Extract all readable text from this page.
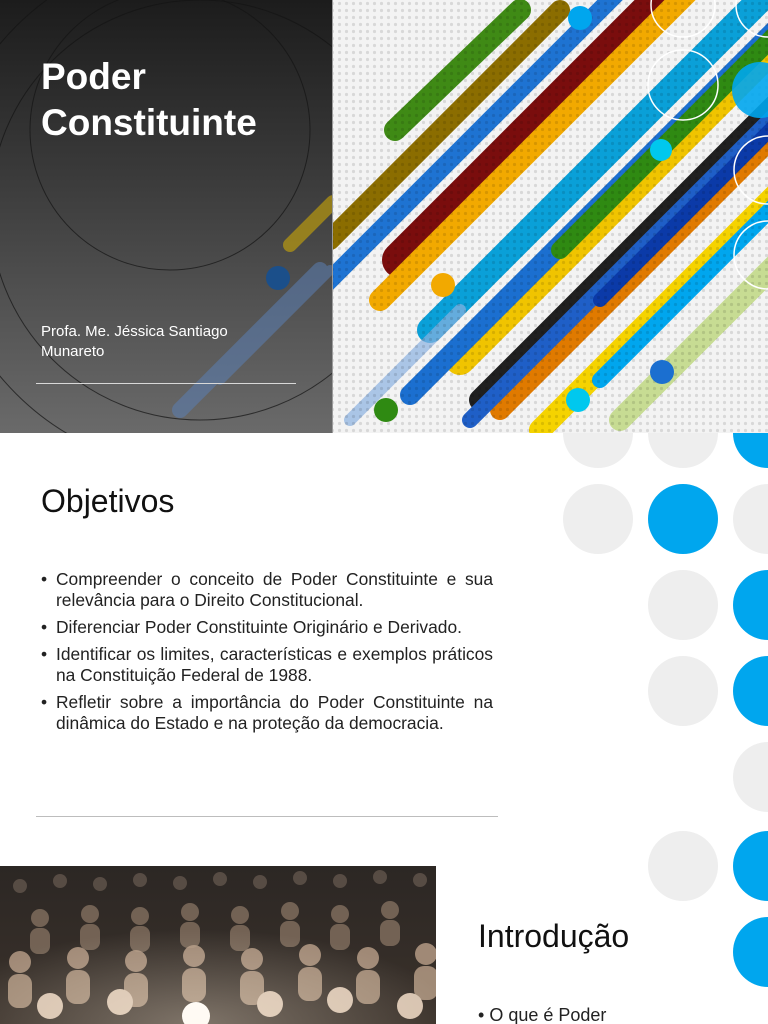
Poder
Constituinte
Profa. Me. Jéssica Santiago Munareto
Objetivos
• Compreender o conceito de Poder Constituinte e sua relevância para o Direito Constitucional.
• Diferenciar Poder Constituinte Originário e Derivado.
• Identificar os limites, características e exemplos práticos na Constituição Federal de 1988.
• Refletir sobre a importância do Poder Constituinte na dinâmica do Estado e na proteção da democracia.
Introdução
• O que é Poder
